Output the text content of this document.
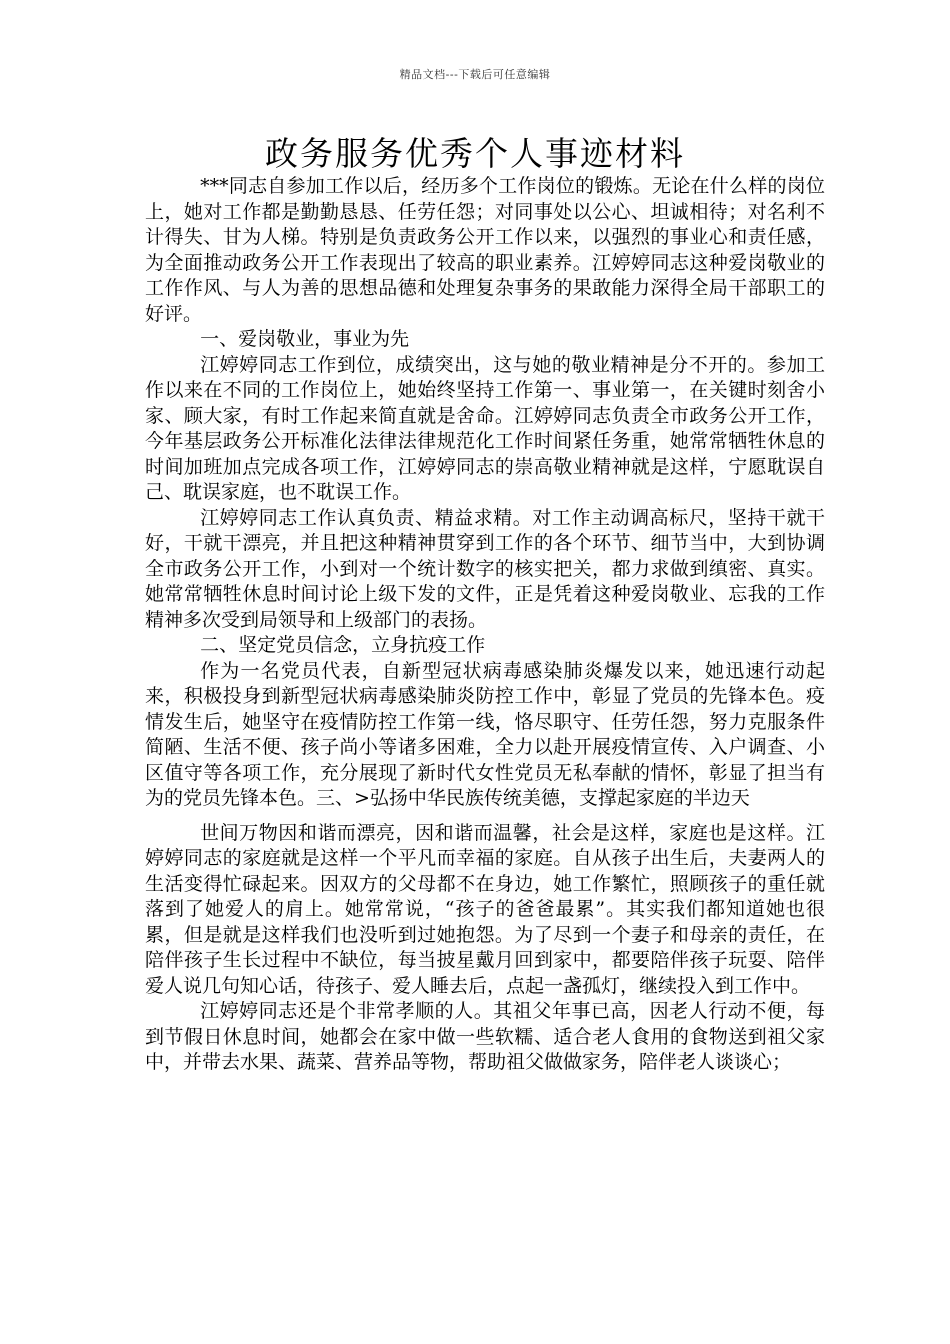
精品文档---下载后可任意编辑
政务服务优秀个人事迹材料

***同志自参加工作以后，经历多个工作岗位的锻炼。无论在什么样的岗位上，她对工作都是勤勤恳恳、任劳任怨；对同事处以公心、坦诚相待；对名利不计得失、甘为人梯。特别是负责政务公开工作以来，以强烈的事业心和责任感，为全面推动政务公开工作表现出了较高的职业素养。江婷婷同志这种爱岗敬业的工作作风、与人为善的思想品德和处理复杂事务的果敢能力深得全局干部职工的好评。

一、爱岗敬业，事业为先

江婷婷同志工作到位，成绩突出，这与她的敬业精神是分不开的。参加工作以来在不同的工作岗位上，她始终坚持工作第一、事业第一，在关键时刻舍小家、顾大家，有时工作起来简直就是舍命。江婷婷同志负责全市政务公开工作，今年基层政务公开标准化法律法律规范化工作时间紧任务重，她常常牺牲休息的时间加班加点完成各项工作，江婷婷同志的崇高敬业精神就是这样，宁愿耽误自己、耽误家庭，也不耽误工作。

江婷婷同志工作认真负责、精益求精。对工作主动调高标尺，坚持干就干好，干就干漂亮，并且把这种精神贯穿到工作的各个环节、细节当中，大到协调全市政务公开工作，小到对一个统计数字的核实把关，都力求做到缜密、真实。她常常牺牲休息时间讨论上级下发的文件，正是凭着这种爱岗敬业、忘我的工作精神多次受到局领导和上级部门的表扬。

二、坚定党员信念，立身抗疫工作

作为一名党员代表，自新型冠状病毒感染肺炎爆发以来，她迅速行动起来，积极投身到新型冠状病毒感染肺炎防控工作中，彰显了党员的先锋本色。疫情发生后，她坚守在疫情防控工作第一线，恪尽职守、任劳任怨，努力克服条件简陋、生活不便、孩子尚小等诸多困难，全力以赴开展疫情宣传、入户调查、小区值守等各项工作，充分展现了新时代女性党员无私奉献的情怀，彰显了担当有为的党员先锋本色。三、>弘扬中华民族传统美德，支撑起家庭的半边天

世间万物因和谐而漂亮，因和谐而温馨，社会是这样，家庭也是这样。江婷婷同志的家庭就是这样一个平凡而幸福的家庭。自从孩子出生后，夫妻两人的生活变得忙碌起来。因双方的父母都不在身边，她工作繁忙，照顾孩子的重任就落到了她爱人的肩上。她常常说，“孩子的爸爸最累”。其实我们都知道她也很累，但是就是这样我们也没听到过她抱怨。为了尽到一个妻子和母亲的责任，在陪伴孩子生长过程中不缺位，每当披星戴月回到家中，都要陪伴孩子玩耍、陪伴爱人说几句知心话，待孩子、爱人睡去后，点起一盏孤灯，继续投入到工作中。

江婷婷同志还是个非常孝顺的人。其祖父年事已高，因老人行动不便，每到节假日休息时间，她都会在家中做一些软糯、适合老人食用的食物送到祖父家中，并带去水果、蔬菜、营养品等物，帮助祖父做做家务，陪伴老人谈谈心；
